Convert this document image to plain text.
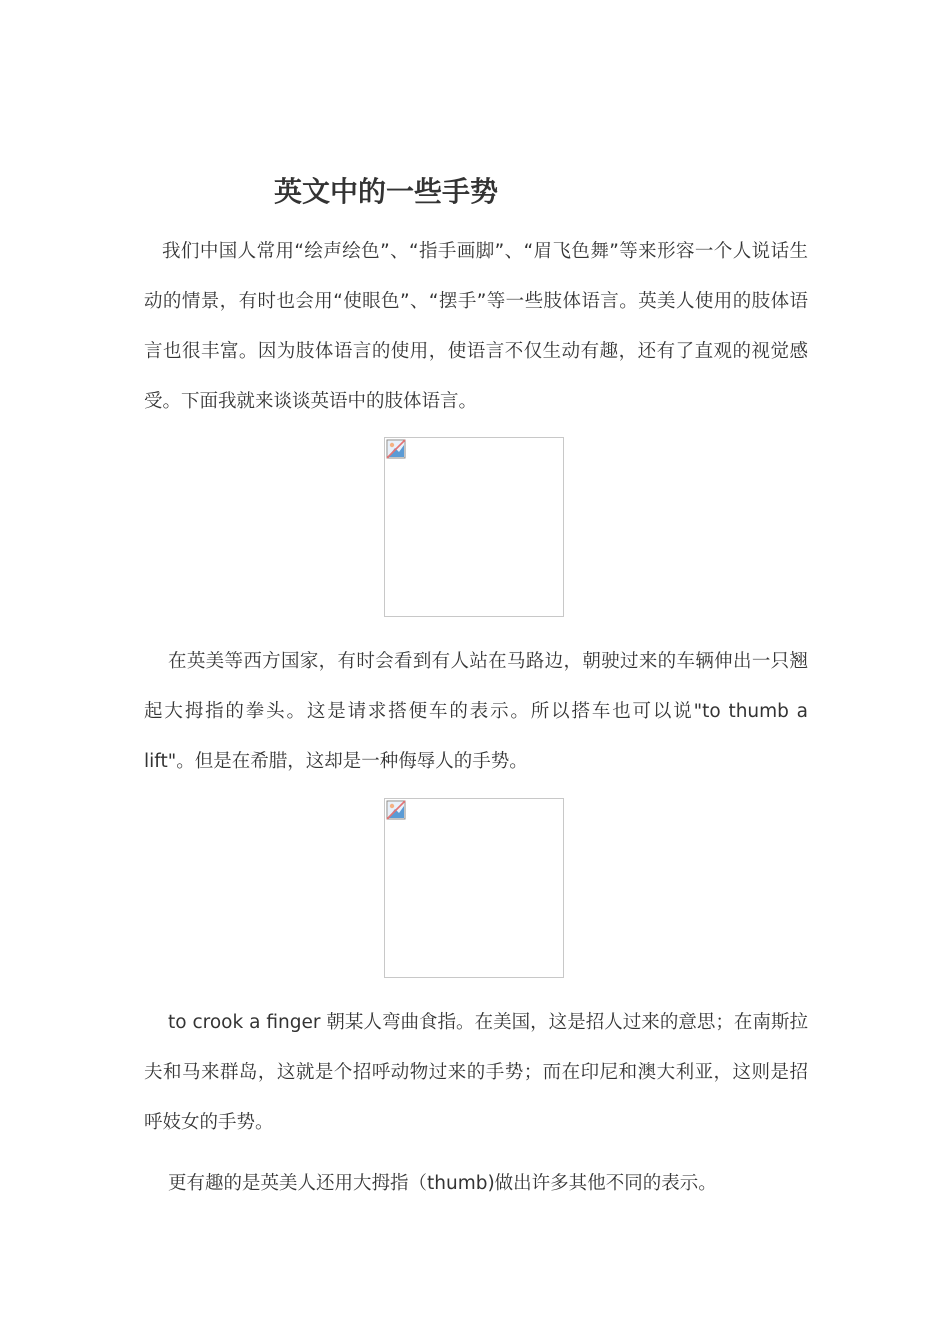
英文中的一些手势

我们中国人常用“绘声绘色”、“指手画脚”、“眉飞色舞”等来形容一个人说话生动的情景，有时也会用“使眼色”、“摆手”等一些肢体语言。英美人使用的肢体语言也很丰富。因为肢体语言的使用，使语言不仅生动有趣，还有了直观的视觉感受。下面我就来谈谈英语中的肢体语言。

在英美等西方国家，有时会看到有人站在马路边，朝驶过来的车辆伸出一只翘起大拇指的拳头。这是请求搭便车的表示。所以搭车也可以说"to thumb a lift"。但是在希腊，这却是一种侮辱人的手势。

to crook a finger 朝某人弯曲食指。在美国，这是招人过来的意思；在南斯拉夫和马来群岛，这就是个招呼动物过来的手势；而在印尼和澳大利亚，这则是招呼妓女的手势。

更有趣的是英美人还用大拇指（thumb)做出许多其他不同的表示。
